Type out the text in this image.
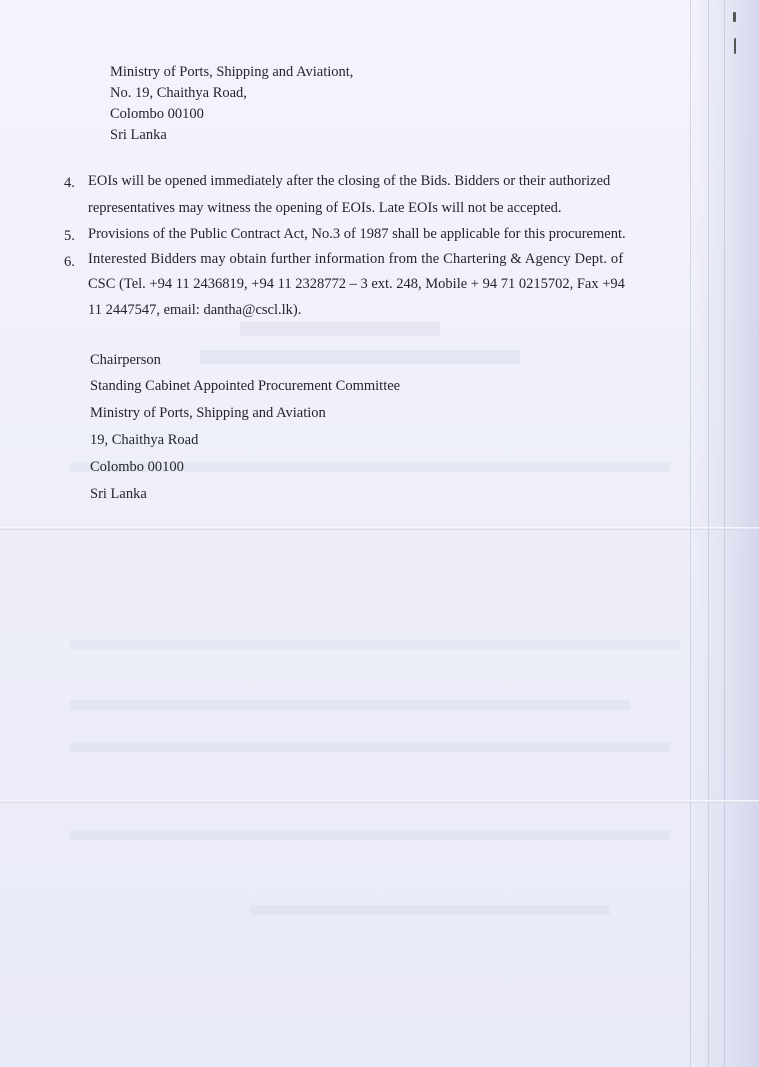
Ministry of Ports, Shipping and Aviationt,
No. 19, Chaithya Road,
Colombo 00100
Sri Lanka
4. EOIs will be opened immediately after the closing of the Bids. Bidders or their authorized
representatives may witness the opening of EOIs. Late EOIs will not be accepted.
5. Provisions of the Public Contract Act, No.3 of 1987 shall be applicable for this procurement.
6. Interested Bidders may obtain further information from the Chartering & Agency Dept. of
CSC (Tel. +94 11 2436819, +94 11 2328772 – 3 ext. 248, Mobile + 94 71 0215702, Fax +94
11 2447547, email: dantha@cscl.lk).
Chairperson
Standing Cabinet Appointed Procurement Committee
Ministry of Ports, Shipping and Aviation
19, Chaithya Road
Colombo 00100
Sri Lanka
